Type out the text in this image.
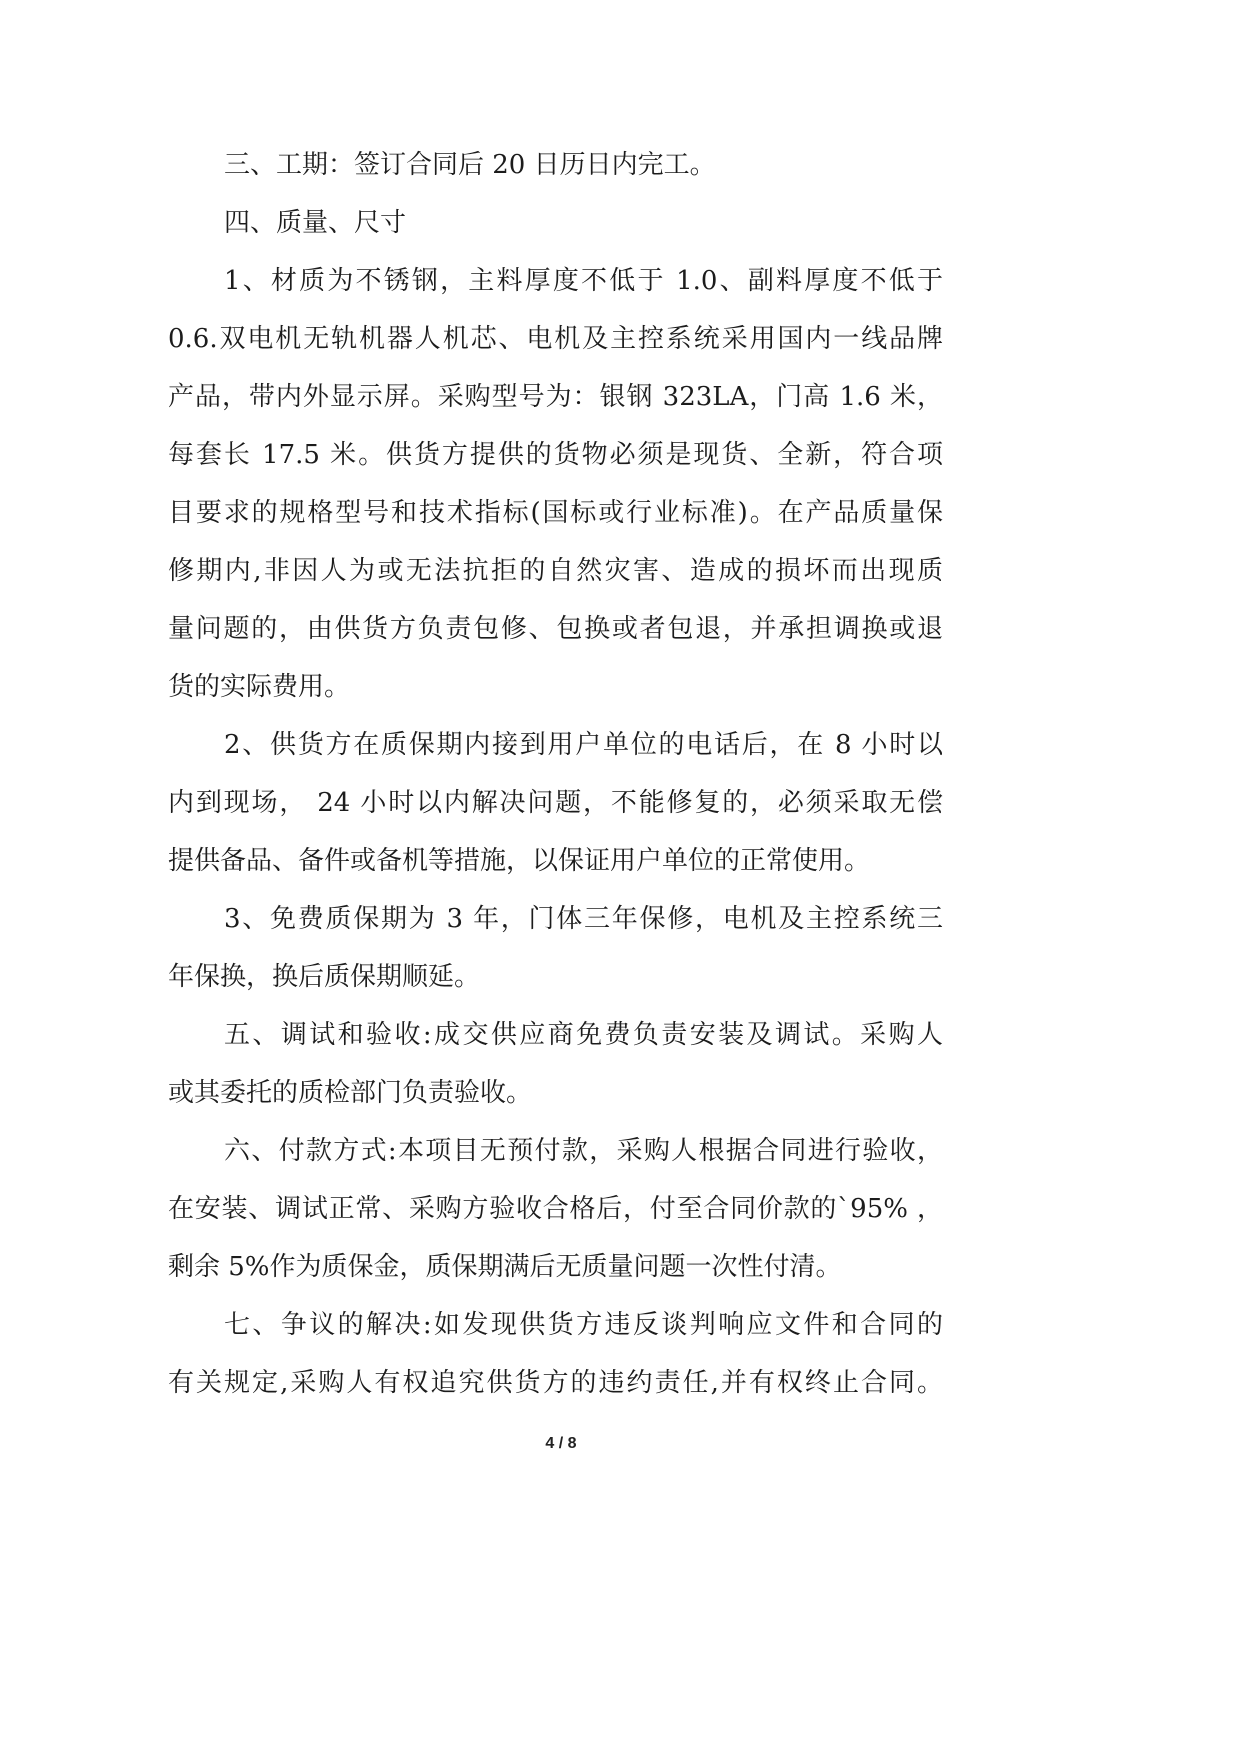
三、工期：签订合同后 20 日历日内完工。

四、质量、尺寸

1、材质为不锈钢，主料厚度不低于 1.0、副料厚度不低于
0.6.双电机无轨机器人机芯、电机及主控系统采用国内一线品牌
产品，带内外显示屏。采购型号为：银钢 323LA，门高 1.6 米，
每套长 17.5 米。供货方提供的货物必须是现货、全新，符合项
目要求的规格型号和技术指标(国标或行业标准)。在产品质量保
修期内,非因人为或无法抗拒的自然灾害、造成的损坏而出现质
量问题的，由供货方负责包修、包换或者包退，并承担调换或退
货的实际费用。

2、供货方在质保期内接到用户单位的电话后，在 8 小时以
内到现场， 24 小时以内解决问题，不能修复的，必须采取无偿
提供备品、备件或备机等措施，以保证用户单位的正常使用。

3、免费质保期为 3 年，门体三年保修，电机及主控系统三
年保换，换后质保期顺延。

五、调试和验收:成交供应商免费负责安装及调试。采购人
或其委托的质检部门负责验收。

六、付款方式:本项目无预付款，采购人根据合同进行验收，
在安装、调试正常、采购方验收合格后，付至合同价款的`95% ，
剩余 5%作为质保金，质保期满后无质量问题一次性付清。

七、争议的解决:如发现供货方违反谈判响应文件和合同的
有关规定,采购人有权追究供货方的违约责任,并有权终止合同。

4 / 8
